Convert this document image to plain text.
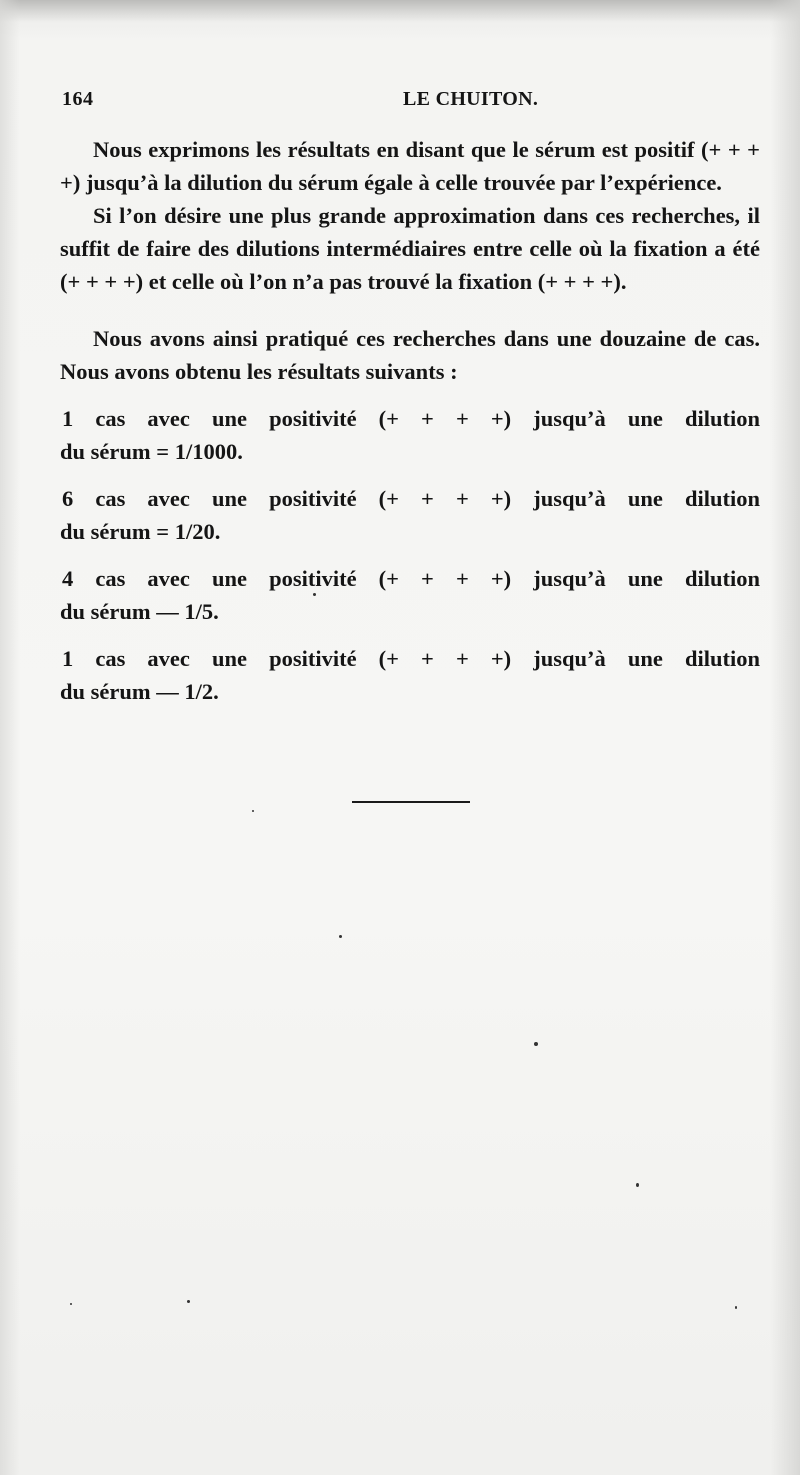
164	LE CHUITON.

Nous exprimons les résultats en disant que le sérum est positif (+ + + +) jusqu’à la dilution du sérum égale à celle trouvée par l’expérience.

Si l’on désire une plus grande approximation dans ces recherches, il suffit de faire des dilutions intermédiaires entre celle où la fixation a été (+ + + +) et celle où l’on n’a pas trouvé la fixation (+ + + +).

Nous avons ainsi pratiqué ces recherches dans une douzaine de cas. Nous avons obtenu les résultats suivants :

1 cas avec une positivité (+ + + +) jusqu’à une dilution
du sérum = 1/1000.

6 cas avec une positivité (+ + + +) jusqu’à une dilution
du sérum = 1/20.

4 cas avec une positivité (+ + + +) jusqu’à une dilution
du sérum — 1/5.

1 cas avec une positivité (+ + + +) jusqu’à une dilution
du sérum — 1/2.
